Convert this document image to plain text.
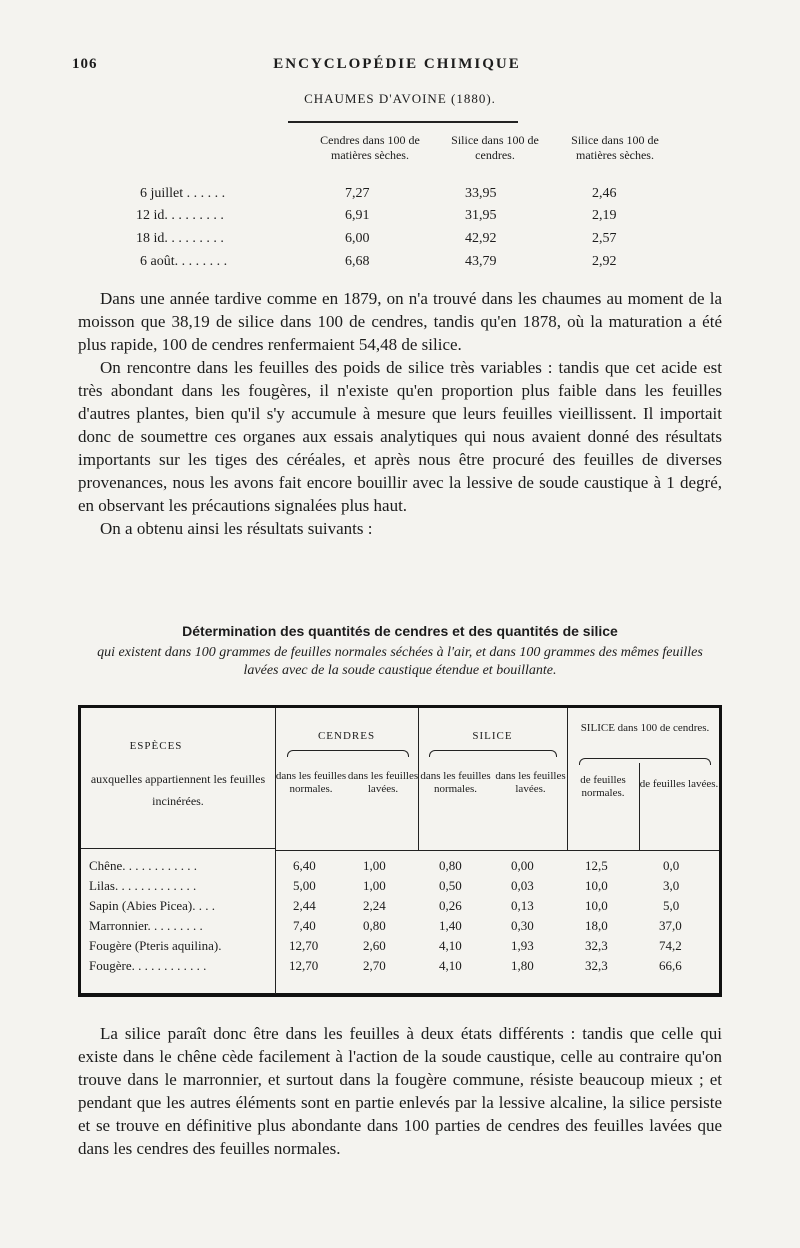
106	ENCYCLOPÉDIE CHIMIQUE
CHAUMES D'AVOINE (1880).
Cendres dans 100 de matières sèches.
Silice dans 100 de cendres.
Silice dans 100 de matières sèches.
6 juillet . . . . . .	7,27	33,95	2,46
12 id. . . . . . . . .	6,91	31,95	2,19
18 id. . . . . . . . .	6,00	42,92	2,57
6 août. . . . . . . .	6,68	43,79	2,92

Dans une année tardive comme en 1879, on n'a trouvé dans les chaumes au moment de la moisson que 38,19 de silice dans 100 de cendres, tandis qu'en 1878, où la maturation a été plus rapide, 100 de cendres renfermaient 54,48 de silice.

On rencontre dans les feuilles des poids de silice très variables : tandis que cet acide est très abondant dans les fougères, il n'existe qu'en proportion plus faible dans les feuilles d'autres plantes, bien qu'il s'y accumule à mesure que leurs feuilles vieillissent. Il importait donc de soumettre ces organes aux essais analytiques qui nous avaient donné des résultats importants sur les tiges des céréales, et après nous être procuré des feuilles de diverses provenances, nous les avons fait encore bouillir avec la lessive de soude caustique à 1 degré, en observant les précautions signalées plus haut.

On a obtenu ainsi les résultats suivants :

Détermination des quantités de cendres et des quantités de silice
qui existent dans 100 grammes de feuilles normales séchées à l'air, et dans 100 grammes des mêmes feuilles lavées avec de la soude caustique étendue et bouillante.
ESPÈCES
auxquelles appartiennent les feuilles incinérées.
CENDRES
dans les feuilles normales.
dans les feuilles lavées.
SILICE
dans les feuilles normales.
dans les feuilles lavées.
SILICE dans 100 de cendres.
de feuilles normales.
de feuilles lavées.
Chêne. . . . . . . . . . . .	6,40	1,00	0,80	0,00	12,5	0,0
Lilas. . . . . . . . . . . . .	5,00	1,00	0,50	0,03	10,0	3,0
Sapin (Abies Picea). . . .	2,44	2,24	0,26	0,13	10,0	5,0
Marronnier. . . . . . . . .	7,40	0,80	1,40	0,30	18,0	37,0
Fougère (Pteris aquilina).	12,70	2,60	4,10	1,93	32,3	74,2
Fougère. . . . . . . . . . . .	12,70	2,70	4,10	1,80	32,3	66,6

La silice paraît donc être dans les feuilles à deux états différents : tandis que celle qui existe dans le chêne cède facilement à l'action de la soude caustique, celle au contraire qu'on trouve dans le marronnier, et surtout dans la fougère commune, résiste beaucoup mieux ; et pendant que les autres éléments sont en partie enlevés par la lessive alcaline, la silice persiste et se trouve en définitive plus abondante dans 100 parties de cendres des feuilles lavées que dans les cendres des feuilles normales.
